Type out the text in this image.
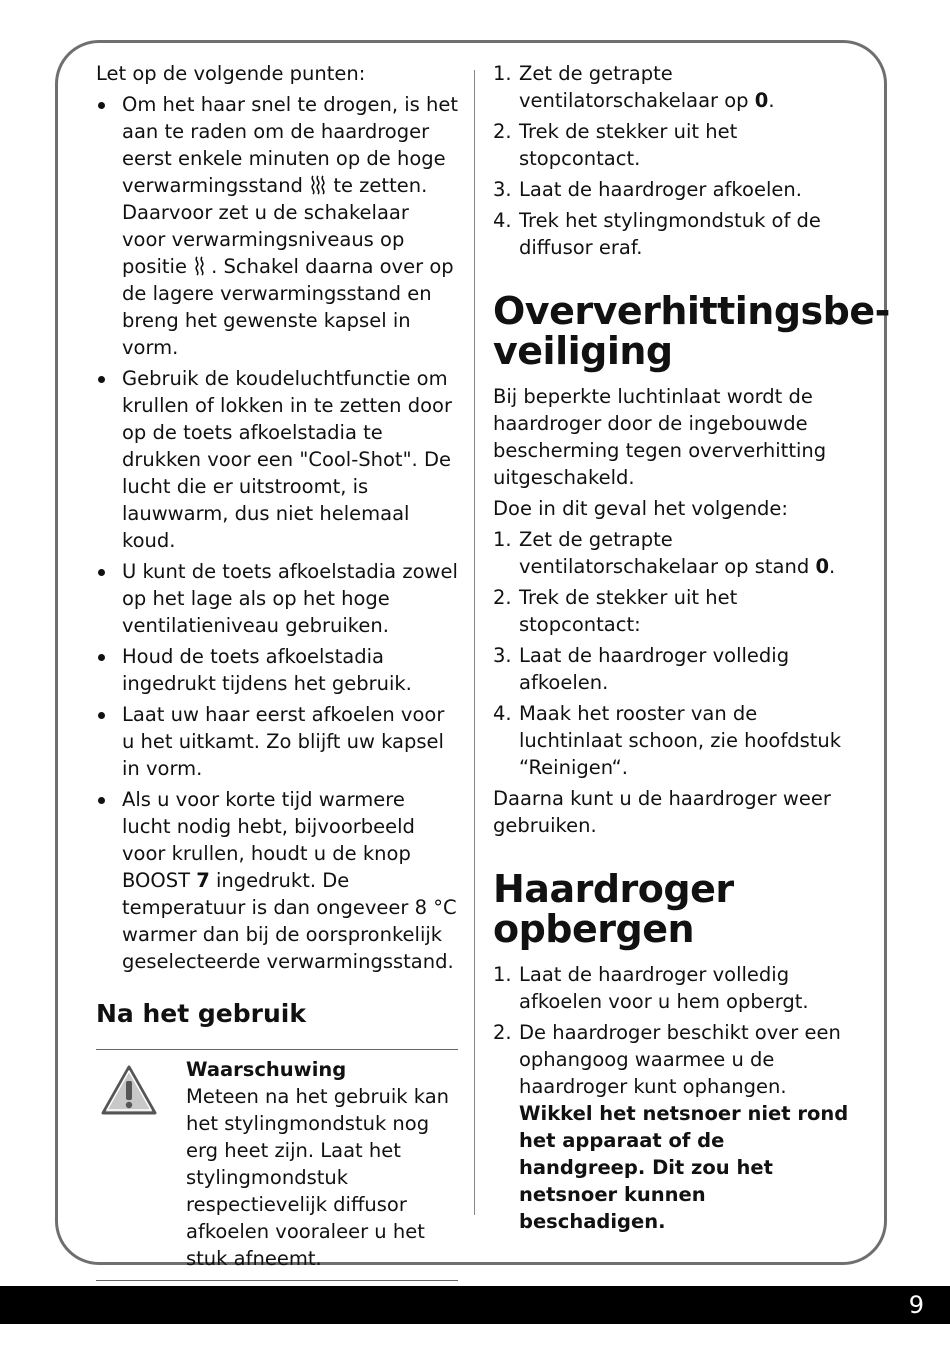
Let op de volgende punten:

Om het haar snel te drogen, is het aan te raden om de haardroger eerst enkele minuten op de hoge verwarmingsstand te zetten. Daarvoor zet u de schakelaar voor verwarmingsniveaus op positie . Schakel daarna over op de lagere verwarmingsstand en breng het gewenste kapsel in vorm.
Gebruik de koudeluchtfunctie om krullen of lokken in te zetten door op de toets afkoelstadia te drukken voor een "Cool-Shot". De lucht die er uitstroomt, is lauwwarm, dus niet helemaal koud.
U kunt de toets afkoelstadia zowel op het lage als op het hoge ventilatieniveau gebruiken.
Houd de toets afkoelstadia ingedrukt tijdens het gebruik.
Laat uw haar eerst afkoelen voor u het uitkamt. Zo blijft uw kapsel in vorm.
Als u voor korte tijd warmere lucht nodig hebt, bijvoorbeeld voor krullen, houdt u de knop BOOST 7 ingedrukt. De temperatuur is dan ongeveer 8 °C warmer dan bij de oorspronkelijk geselecteerde verwarmingsstand.
Na het gebruik
Waarschuwing
Meteen na het gebruik kan het stylingmondstuk nog erg heet zijn. Laat het stylingmondstuk respectievelijk diffusor afkoelen vooraleer u het stuk afneemt.
1. Zet de getrapte ventilatorschakelaar op 0.
2. Trek de stekker uit het stopcontact.
3. Laat de haardroger afkoelen.
4. Trek het stylingmondstuk of de diffusor eraf.
Oververhittingsbe-veiliging

Bij beperkte luchtinlaat wordt de haardroger door de ingebouwde bescherming tegen oververhitting uitgeschakeld.

Doe in dit geval het volgende:

1. Zet de getrapte ventilatorschakelaar op stand 0.
2. Trek de stekker uit het stopcontact:
3. Laat de haardroger volledig afkoelen.
4. Maak het rooster van de luchtinlaat schoon, zie hoofdstuk “Reinigen“.

Daarna kunt u de haardroger weer gebruiken.

Haardroger opbergen
1. Laat de haardroger volledig afkoelen voor u hem opbergt.
2. De haardroger beschikt over een ophangoog waarmee u de haardroger kunt ophangen. Wikkel het netsnoer niet rond het apparaat of de handgreep. Dit zou het netsnoer kunnen beschadigen.
9
